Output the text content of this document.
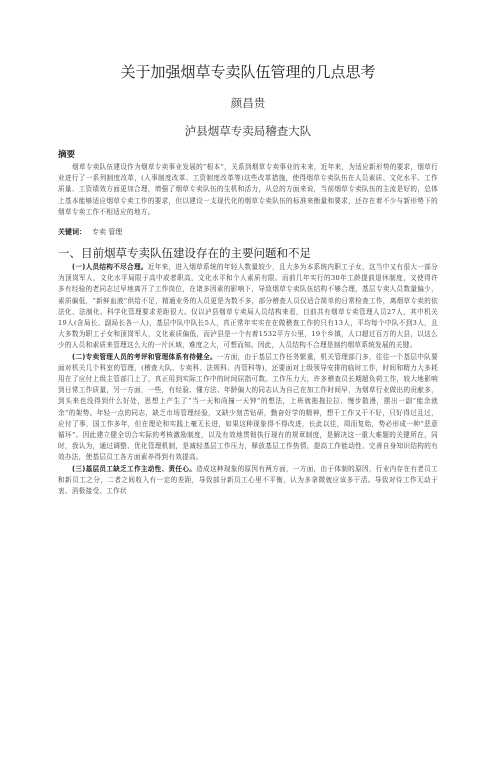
关于加强烟草专卖队伍管理的几点思考
颜昌贵
泸县烟草专卖局稽查大队
摘要

烟草专卖队伍建设作为烟草专卖事业发展的“根本”，关系到烟草专卖事业的未来，近年来，为适应新形势的要求，烟草行业进行了一系列制度改革，(人事制度改革、工资制度改革等)这些改革措施，使得烟草专卖队伍在人员素质、文化水平、工作质量、工资绩效方面更加合理，增强了烟草专卖队伍的生机和活力，从总的方面来说，当前烟草专卖队伍的主流是好的，总体上基本能够适应烟草专卖工作的要求，但以建设一支现代化的烟草专卖队伍的标准来衡量和要求，还存在着不少与新形势下的烟草专卖工作不相适应的地方。

关键词： 专卖 管理
一、目前烟草专卖队伍建设存在的主要问题和不足

(一)人员结构不尽合理。近年来，进入烟草系统的年轻人数量较少，且大多为本系统内职工子女，这当中又有很大一部分为顶岗军人，文化水平局限于高中或者职高，文化水平和个人素质有限。而前几年实行的30年工龄提前退休制度，又使得许多有经验的老同志过早地离开了工作岗位，在诸多因素的影响下，导致烟草专卖队伍结构不够合理，基层专卖人员数量偏少，素质偏低，“新鲜血液”供给不足，精通业务的人员更是为数不多，部分稽查人员仅适合简单的日常检查工作，离烟草专卖的依法化、法制化、科学化管理要求差距很大。仅以泸县烟草专卖局人员结构来看，目前共有烟草专卖管理人员27人，其中机关19人(含局长、副局长各一人)，基层中队中队长5人，真正常年实实在在做稽查工作的只有13人，平均每个中队不到3人，且大多数为职工子女和顶岗军人，文化素质偏低，而泸县是一个有着1532平方公里，19个乡镇，人口超过百万的大县，以这么少的人员和素质来管理这么大的一片区域，难度之大，可想而知。因此，人员结构不合理是制约烟草系统发展的关键。

(二)专卖管理人员的考评和管理体系有待健全。一方面，由于基层工作任务繁重，机关管理部门多，往往一个基层中队要面对机关几个科室的管理，(稽查大队、专卖科、法规科、内管科等)，还要面对上级领导安排的临时工作，时间和精力大多耗用在了应付上级主管部门上了，真正用到实际工作中的时间屈指可数。工作压力大，许多稽查员长期超负荷工作，较大地影响到日常工作质量，另一方面，一些，有经验、懂方法、年龄偏大的同志认为自己在加工作时间早，为烟草行业做出的贡献多，到头来也没得到什么好处，思想上产生了“当一天和尚撞一天钟”的想法，上班就拖拖拉拉、慢步散漫，摆出一副“能余就余”的架势。年轻一点的同志，缺乏市场管理经验，又缺少刻苦钻研，勤奋好学的精神，想干工作又干不好，只好得过且过，应付了事，国工作多年，但在理论和实践上毫无长进，如果这种现象得不得改进，长此以往，周而复始，势必形成一种“恶意循环”。因此建立健全切合实际的考核激励制度，以及有效地贯彻执行现有的规章制度，是解决这一重大难题的关键所在，同时，我认为，通过调整、优化管理机制，是减轻基层工作压力，释放基层工作热情，提高工作能动性、完善自身知识结构的有效办法，使基层员工各方面素养得到有效提高。

(三)基层员工缺乏工作主动性、责任心。造成这种现象的原因有两方面，一方面，由于体制的原因，行业内存在有老员工和新员工之分，二者之间收入有一定的差距，导致部分新员工心里不平衡，认为多拿微就应该多干活。导致对待工作无动于衷、消极接受、工作状
